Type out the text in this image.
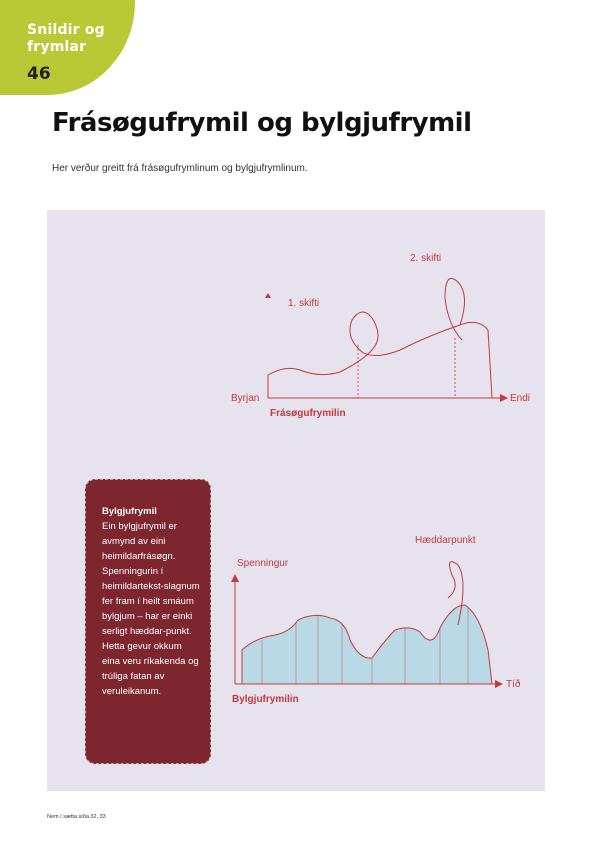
Snildir og
frymlar
46
Frásøgufrymil og bylgjufrymil
Her verður greitt frá frásøgufrymlinum og bylgjufrymlinum.
Byrjan	Endi
1. skifti
2. skifti
Frásøgufrymilin
Spenningur
Tíð
Hæddarpunkt
Bylgjufrymilin
Bylgjufrymil
Ein bylgjufrymil er avmynd av eini heimildarfrásøgn. Spenningurin í heimildartekst-slagnum fer fram í heilt smáum bylgjum – har er einki serligt hæddar-punkt. Hetta gevur okkum eina veru ríkakenda og trúliga fatan av veruleikanum.
Nem í sætta síða 32, 33
